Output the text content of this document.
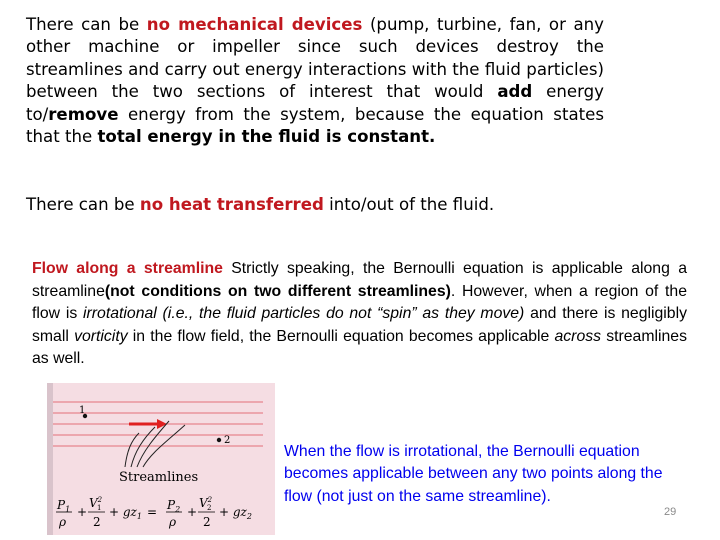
There can be no mechanical devices (pump, turbine, fan, or any other machine or impeller since such devices destroy the streamlines and carry out energy interactions with the fluid particles) between the two sections of interest that would add energy to/remove energy from the system, because the equation states that the total energy in the fluid is constant.

There can be no heat transferred into/out of the fluid.

Flow along a streamline Strictly speaking, the Bernoulli equation is applicable along a streamline(not conditions on two different streamlines). However, when a region of the flow is irrotational (i.e., the fluid particles do not “spin” as they move) and there is negligibly small vorticity in the flow field, the Bernoulli equation becomes applicable across streamlines as well.

1
2
Streamlines
$P_1$
ρ
+
$V^2$
1
2
+ $gz_1 = P_2$
ρ
+
$V^2$
2
2
+ $gz_2$

When the flow is irrotational, the Bernoulli equation becomes applicable between any two points along the flow (not just on the same streamline).

29
